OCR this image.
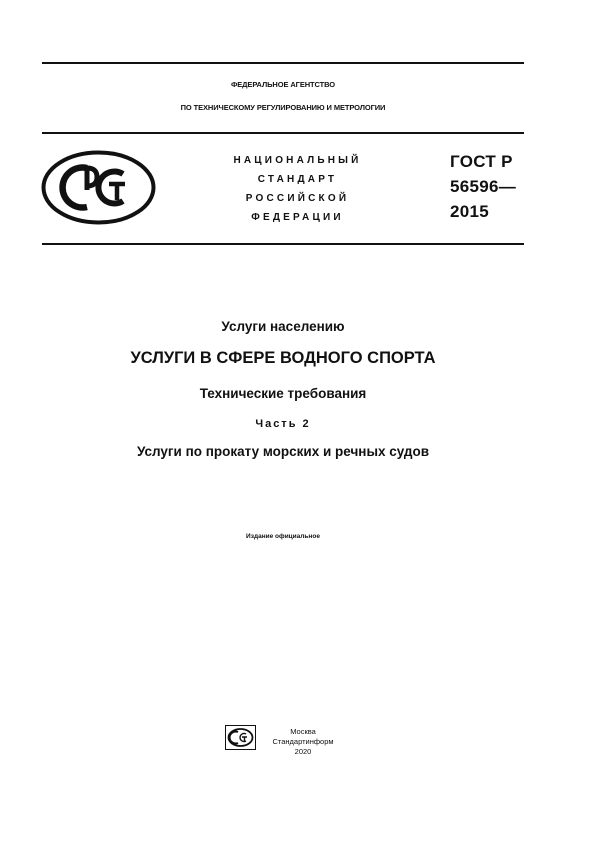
ФЕДЕРАЛЬНОЕ АГЕНТСТВО
ПО ТЕХНИЧЕСКОМУ РЕГУЛИРОВАНИЮ И МЕТРОЛОГИИ
РСТ
НАЦИОНАЛЬНЫЙ
СТАНДАРТ
РОССИЙСКОЙ
ФЕДЕРАЦИИ
ГОСТ Р
56596—
2015
Услуги населению
УСЛУГИ В СФЕРЕ ВОДНОГО СПОРТА
Технические требования
Часть 2
Услуги по прокату морских и речных судов
Издание официальное
Москва
Стандартинформ
2020
